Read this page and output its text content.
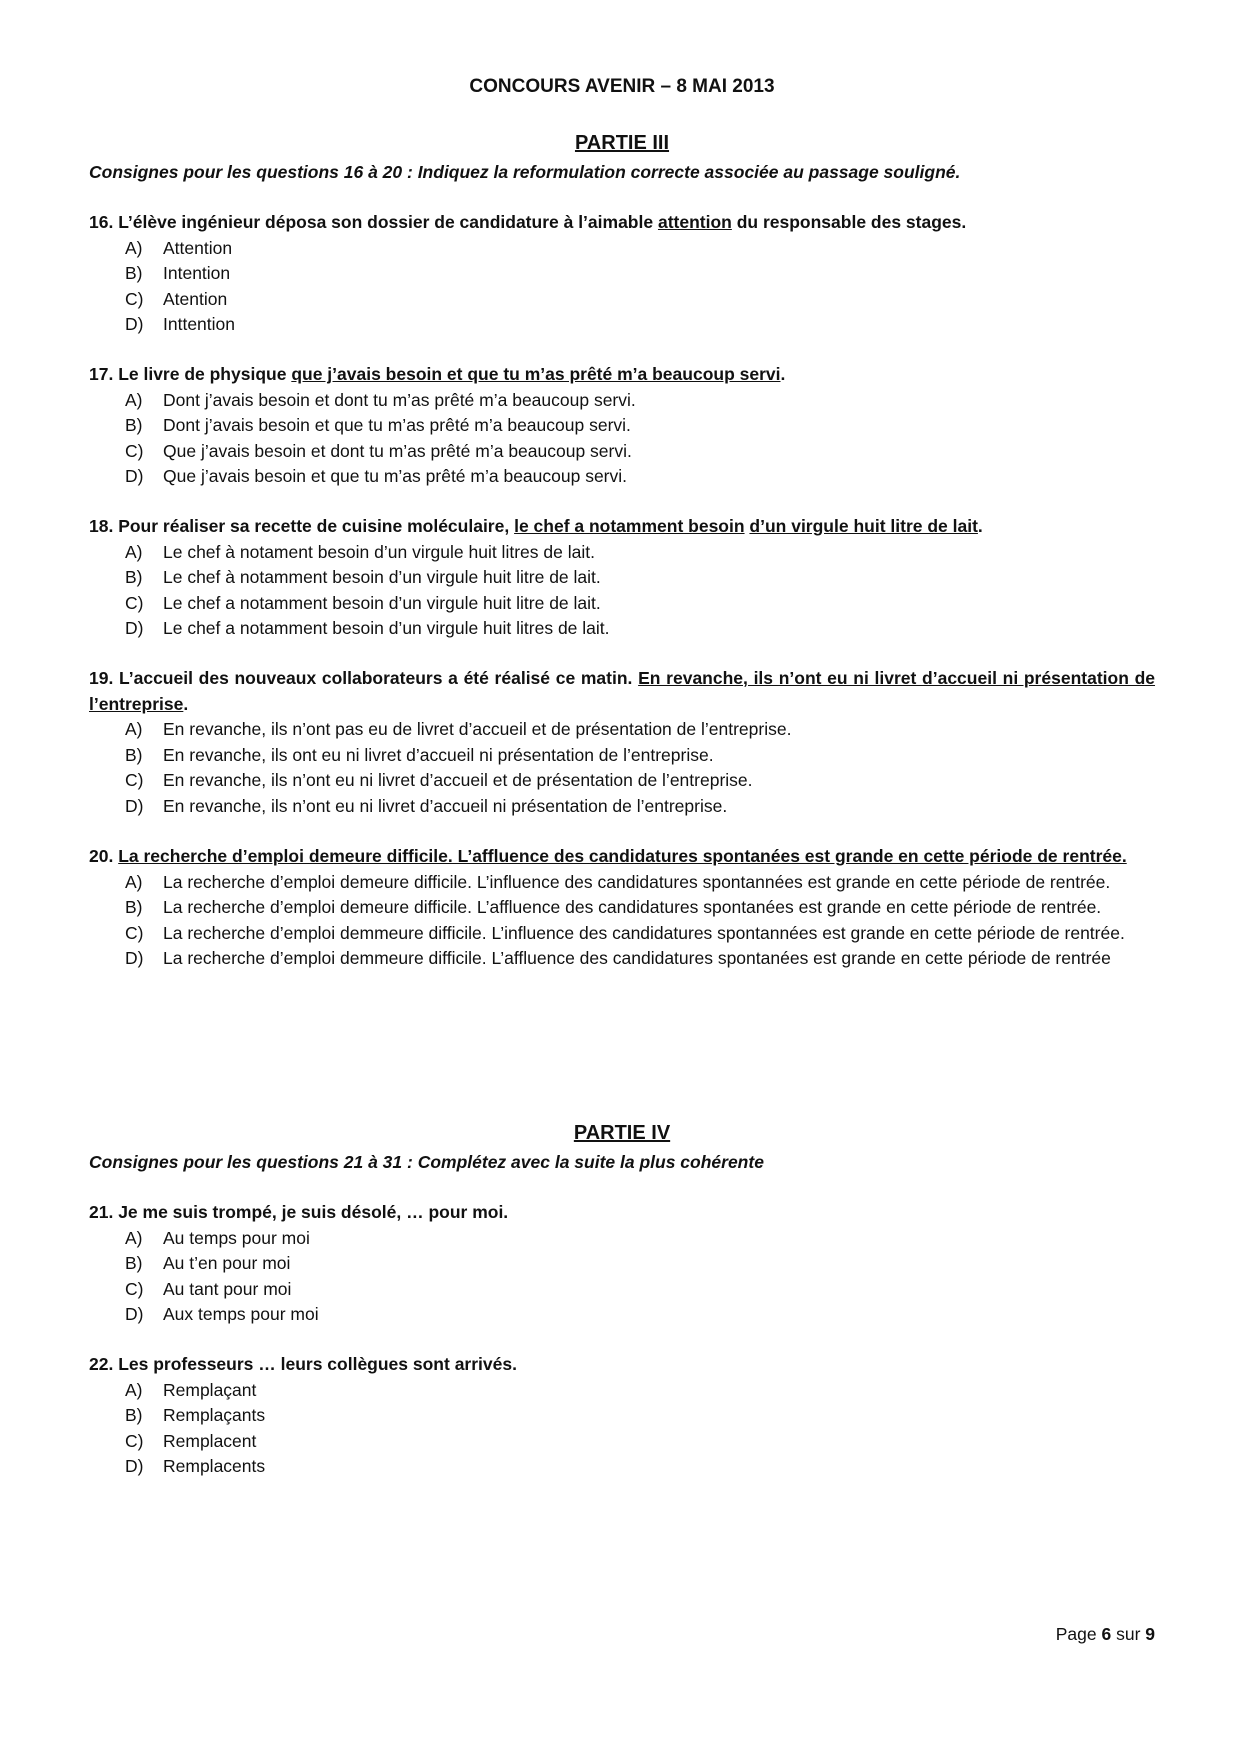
CONCOURS AVENIR – 8 MAI 2013
PARTIE III

Consignes pour les questions 16 à 20 : Indiquez la reformulation correcte associée au passage souligné.

16. L’élève ingénieur déposa son dossier de candidature à l’aimable attention du responsable des stages.

A)	Attention
B)	Intention
C)	Atention
D)	Inttention

17. Le livre de physique que j’avais besoin et que tu m’as prêté m’a beaucoup servi.

A)	Dont j’avais besoin et dont tu m’as prêté m’a beaucoup servi.
B)	Dont j’avais besoin et que tu m’as prêté m’a beaucoup servi.
C)	Que j’avais besoin et dont tu m’as prêté m’a beaucoup servi.
D)	Que j’avais besoin et que tu m’as prêté m’a beaucoup servi.

18. Pour réaliser sa recette de cuisine moléculaire, le chef a notamment besoin d’un virgule huit litre de lait.

A)	Le chef à notament besoin d’un virgule huit litres de lait.
B)	Le chef à notamment besoin d’un virgule huit litre de lait.
C)	Le chef a notamment besoin d’un virgule huit litre de lait.
D)	Le chef a notamment besoin d’un virgule huit litres de lait.

19. L’accueil des nouveaux collaborateurs a été réalisé ce matin. En revanche, ils n’ont eu ni livret d’accueil ni présentation de l’entreprise.

A)	En revanche, ils n’ont pas eu de livret d’accueil et de présentation de l’entreprise.
B)	En revanche, ils ont eu ni livret d’accueil ni présentation de l’entreprise.
C)	En revanche, ils n’ont eu ni livret d’accueil et de présentation de l’entreprise.
D)	En revanche, ils n’ont eu ni livret d’accueil ni présentation de l’entreprise.

20. La recherche d’emploi demeure difficile. L’affluence des candidatures spontanées est grande en cette période de rentrée.

A)	La recherche d’emploi demeure difficile. L’influence des candidatures spontannées est grande en cette période de rentrée.
B)	La recherche d’emploi demeure difficile. L’affluence des candidatures spontanées est grande en cette période de rentrée.
C)	La recherche d’emploi demmeure difficile. L’influence des candidatures spontannées est grande en cette période de rentrée.
D)	La recherche d’emploi demmeure difficile. L’affluence des candidatures spontanées est grande en cette période de rentrée
PARTIE IV

Consignes pour les questions 21 à 31 : Complétez avec la suite la plus cohérente

21. Je me suis trompé, je suis désolé, … pour moi.

A)	Au temps pour moi
B)	Au t’en pour moi
C)	Au tant pour moi
D)	Aux temps pour moi

22. Les professeurs … leurs collègues sont arrivés.

A)	Remplaçant
B)	Remplaçants
C)	Remplacent
D)	Remplacents

Page 6 sur 9
